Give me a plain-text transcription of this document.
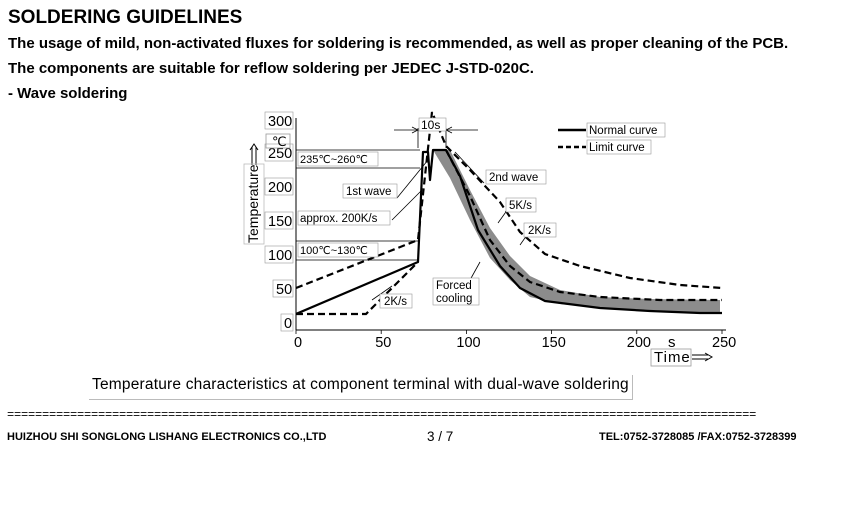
SOLDERING GUIDELINES
The usage of mild, non-activated fluxes for soldering is recommended, as well as proper cleaning of the PCB.
The components are suitable for reflow soldering per JEDEC J-STD-020C.
- Wave soldering
Temperature
300
250
200
150
100
50
0
0	50	100	150	200	250
℃
s
Time
10s
235℃~260℃
1st wave
approx. 200K/s
100℃~130℃
2K/s
2nd wave
5K/s
2K/s
Forced
cooling
Normal curve
Limit curve
Temperature characteristics at component terminal with dual-wave soldering
===========================================================================================================
HUIZHOU SHI SONGLONG LISHANG ELECTRONICS CO.,LTD	3 / 7	TEL:0752-3728085 /FAX:0752-3728399
